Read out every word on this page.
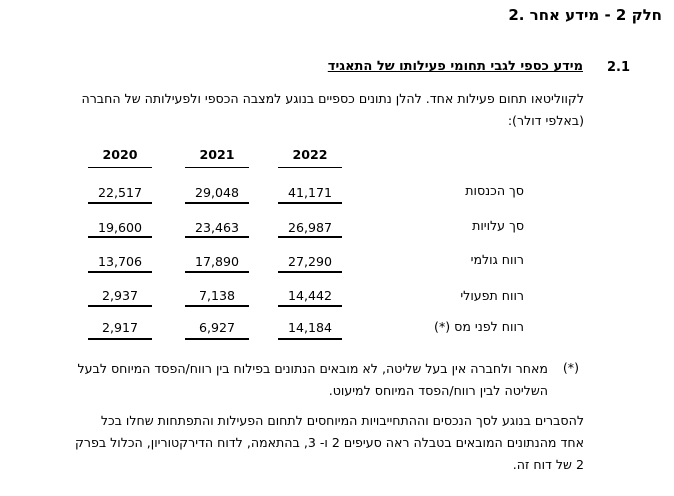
חלק 2 - מידע אחר .2
2.1
מידע כספי לגבי תחומי פעילותו של התאגיד
לקווליטאו תחום פעילות אחד. להלן נתונים כספיים בנוגע למצבה הכספי ולפעילותה של החברה
(באלפי דולר):
2022
2021
2020
סך הכנסות
41,171
29,048
22,517
סך עלויות
26,987
23,463
19,600
רווח גולמי
27,290
17,890
13,706
רווח תפעולי
14,442
7,138
2,937
רווח לפני מס (*)
14,184
6,927
2,917
(*)
מאחר ולחברה אין בעל שליטה, לא מובאים הנתונים בפילוח בין רווח/הפסד המיוחס לבעל
השליטה לבין רווח/הפסד המיוחס למיעוט.
להסברים בנוגע לסך הנכסים וההתחייבויות המיוחסים לתחום הפעילות והתפתחות שחלו בכל
אחד מהנתונים המובאים בטבלה ראה סעיפים 2 ו- 3, בהתאמה, לדוח הדירקטוריון, הכלול בפרק
2 של דוח זה.
